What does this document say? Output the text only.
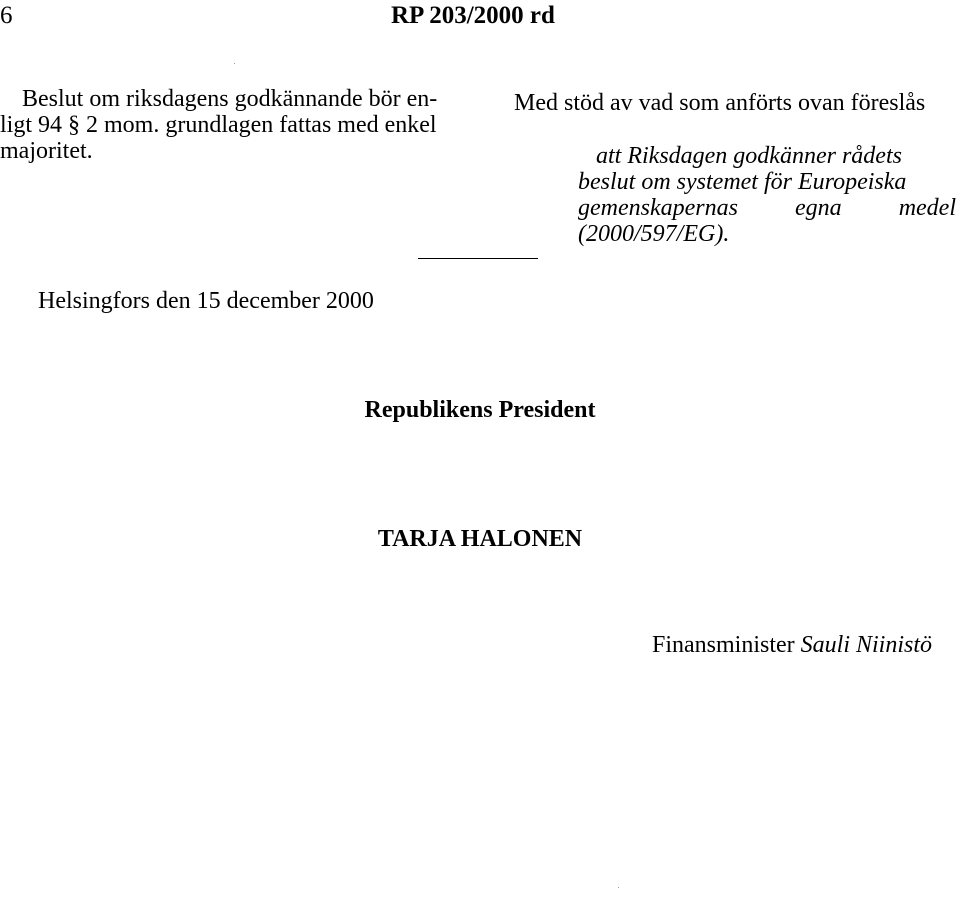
6	RP 203/2000 rd
Beslut om riksdagens godkännande bör en-
ligt 94 § 2 mom. grundlagen fattas med enkel
majoritet.
Med stöd av vad som anförts ovan föreslås
att Riksdagen godkänner rådets
beslut om systemet för Europeiska
gemenskapernas egna medel
(2000/597/EG).
Helsingfors den 15 december 2000
Republikens President
TARJA HALONEN
Finansminister Sauli Niinistö
